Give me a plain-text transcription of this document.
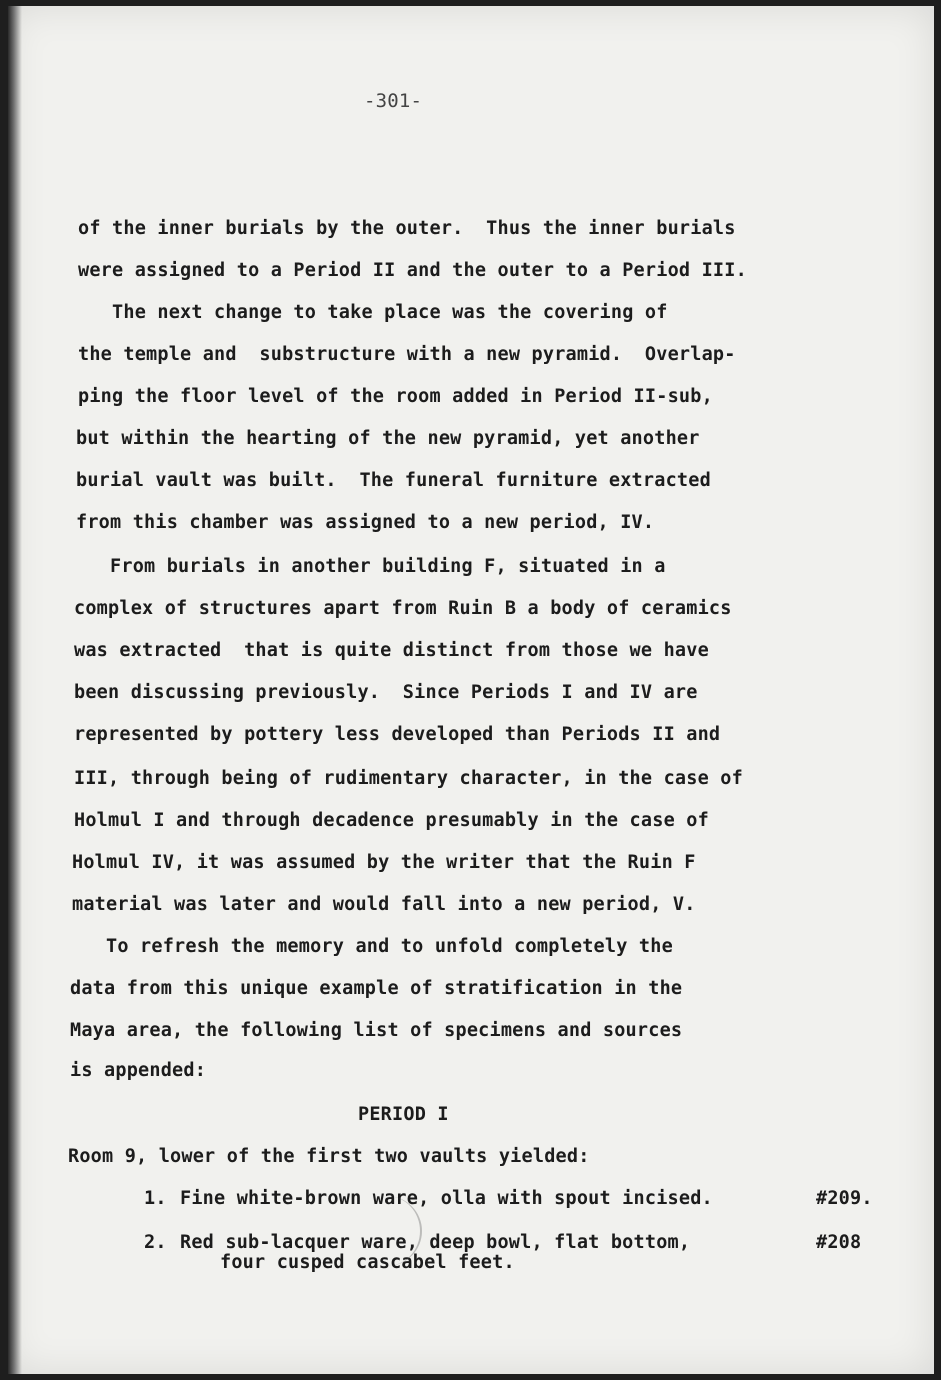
-301-
of the inner burials by the outer.  Thus the inner burials
were assigned to a Period II and the outer to a Period III.
The next change to take place was the covering of
the temple and  substructure with a new pyramid.  Overlap-
ping the floor level of the room added in Period II-sub,
but within the hearting of the new pyramid, yet another
burial vault was built.  The funeral furniture extracted
from this chamber was assigned to a new period, IV.
From burials in another building F, situated in a
complex of structures apart from Ruin B a body of ceramics
was extracted  that is quite distinct from those we have
been discussing previously.  Since Periods I and IV are
represented by pottery less developed than Periods II and
III, through being of rudimentary character, in the case of
Holmul I and through decadence presumably in the case of
Holmul IV, it was assumed by the writer that the Ruin F
material was later and would fall into a new period, V.
To refresh the memory and to unfold completely the
data from this unique example of stratification in the
Maya area, the following list of specimens and sources
is appended:
PERIOD I
Room 9, lower of the first two vaults yielded:
1. Fine white-brown ware, olla with spout incised.	#209.
2. Red sub-lacquer ware, deep bowl, flat bottom,
four cusped cascabel feet.
#208
